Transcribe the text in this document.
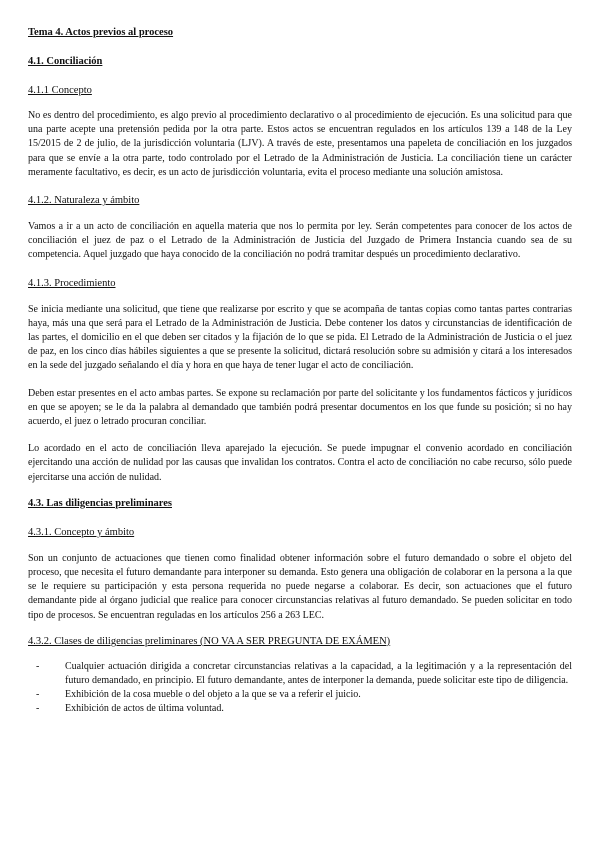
Tema 4. Actos previos al proceso
4.1. Conciliación
4.1.1 Concepto

No es dentro del procedimiento, es algo previo al procedimiento declarativo o al procedimiento de ejecución. Es una solicitud para que una parte acepte una pretensión pedida por la otra parte. Estos actos se encuentran regulados en los artículos 139 a 148 de la Ley 15/2015 de 2 de julio, de la jurisdicción voluntaria (LJV). A través de este, presentamos una papeleta de conciliación en los juzgados para que se envíe a la otra parte, todo controlado por el Letrado de la Administración de Justicia. La conciliación tiene un carácter meramente facultativo, es decir, es un acto de jurisdicción voluntaria, evita el proceso mediante una solución amistosa.

4.1.2. Naturaleza y ámbito

Vamos a ir a un acto de conciliación en aquella materia que nos lo permita por ley. Serán competentes para conocer de los actos de conciliación el juez de paz o el Letrado de la Administración de Justicia del Juzgado de Primera Instancia cuando sea de su competencia. Aquel juzgado que haya conocido de la conciliación no podrá tramitar después un procedimiento declarativo.

4.1.3. Procedimiento

Se inicia mediante una solicitud, que tiene que realizarse por escrito y que se acompaña de tantas copias como tantas partes contrarias haya, más una que será para el Letrado de la Administración de Justicia. Debe contener los datos y circunstancias de identificación de las partes, el domicilio en el que deben ser citados y la fijación de lo que se pida. El Letrado de la Administración de Justicia o el juez de paz, en los cinco días hábiles siguientes a que se presente la solicitud, dictará resolución sobre su admisión y citará a los interesados en la sede del juzgado señalando el día y hora en que haya de tener lugar el acto de conciliación.

Deben estar presentes en el acto ambas partes. Se expone su reclamación por parte del solicitante y los fundamentos fácticos y jurídicos en que se apoyen; se le da la palabra al demandado que también podrá presentar documentos en los que funde su posición; si no hay acuerdo, el juez o letrado procuran conciliar.

Lo acordado en el acto de conciliación lleva aparejado la ejecución. Se puede impugnar el convenio acordado en conciliación ejercitando una acción de nulidad por las causas que invalidan los contratos. Contra el acto de conciliación no cabe recurso, sólo puede ejercitarse una acción de nulidad.

4.3. Las diligencias preliminares
4.3.1. Concepto y ámbito

Son un conjunto de actuaciones que tienen como finalidad obtener información sobre el futuro demandado o sobre el objeto del proceso, que necesita el futuro demandante para interponer su demanda. Esto genera una obligación de colaborar en la persona a la que se le requiere su participación y esta persona requerida no puede negarse a colaborar. Es decir, son actuaciones que el futuro demandante pide al órgano judicial que realice para conocer circunstancias relativas al futuro demandado. Se pueden solicitar en todo tipo de procesos. Se encuentran reguladas en los artículos 256 a 263 LEC.

4.3.2. Clases de diligencias preliminares (NO VA A SER PREGUNTA DE EXÁMEN)
-	Cualquier actuación dirigida a concretar circunstancias relativas a la capacidad, a la legitimación y a la representación del futuro demandado, en principio. El futuro demandante, antes de interponer la demanda, puede solicitar este tipo de diligencia.
-	Exhibición de la cosa mueble o del objeto a la que se va a referir el juicio.
-	Exhibición de actos de última voluntad.
